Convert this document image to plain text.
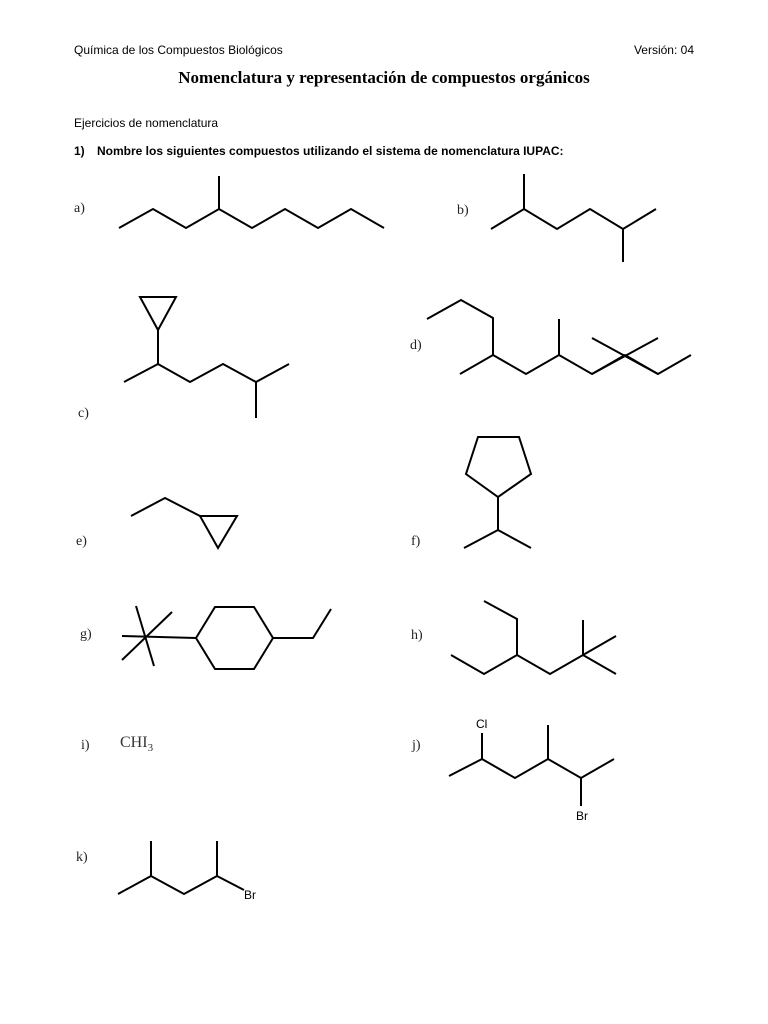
Química de los Compuestos Biológicos	Versión: 04
Nomenclatura y representación de compuestos orgánicos
Ejercicios de nomenclatura
1) Nombre los siguientes compuestos utilizando el sistema de nomenclatura IUPAC:
a)	b)
c)
d)
e)	f)
g)	h)
i) $CHI_3$	j)
k)
Cl
Br
Br
